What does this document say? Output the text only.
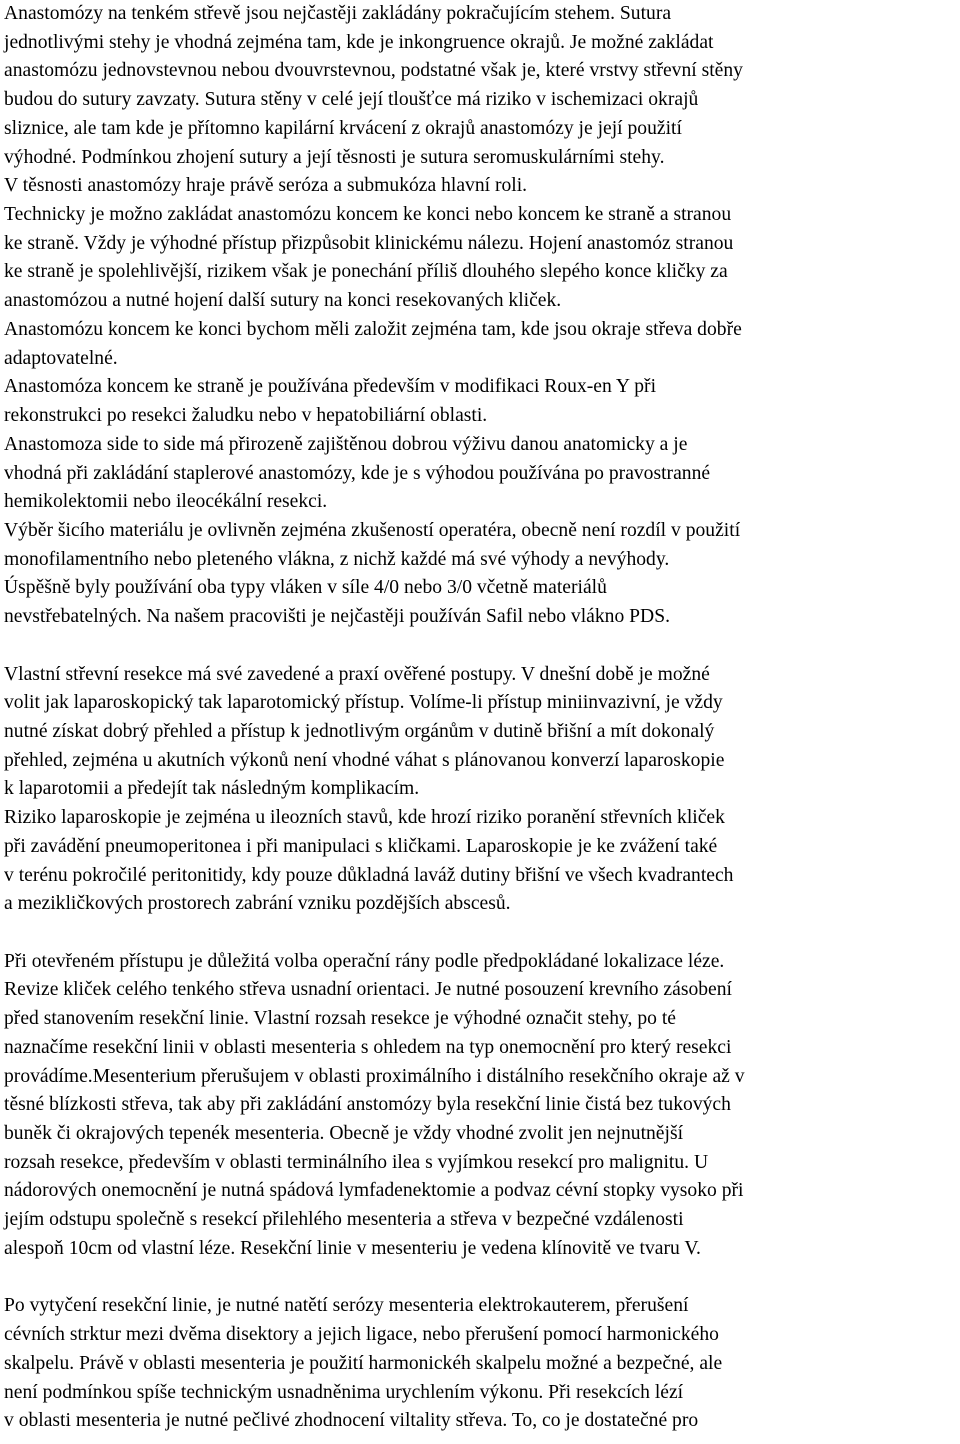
Anastomózy na tenkém střevě jsou nejčastěji zakládány pokračujícím stehem. Sutura
jednotlivými stehy je vhodná zejména tam, kde je inkongruence okrajů. Je možné zakládat
anastomózu jednovstevnou nebou dvouvrstevnou, podstatné však je, které vrstvy střevní stěny
budou do sutury zavzaty. Sutura stěny v celé její tloušťce má riziko v ischemizaci okrajů
sliznice, ale tam kde je přítomno kapilární krvácení z okrajů anastomózy je její použití
výhodné. Podmínkou zhojení sutury a její těsnosti je sutura seromuskulárními stehy.
V těsnosti anastomózy hraje právě seróza a submukóza hlavní roli.
Technicky je možno zakládat anastomózu koncem ke konci nebo koncem ke straně a stranou
ke straně. Vždy je výhodné přístup přizpůsobit klinickému nálezu. Hojení anastomóz stranou
ke straně je spolehlivější, rizikem však je ponechání příliš dlouhého slepého konce kličky za
anastomózou a nutné hojení další sutury na konci resekovaných kliček.
Anastomózu koncem ke konci bychom měli založit zejména tam, kde jsou okraje střeva dobře
adaptovatelné.
Anastomóza koncem ke straně je používána především v modifikaci Roux-en Y při
rekonstrukci po resekci žaludku nebo v hepatobiliární oblasti.
Anastomoza side to side má přirozeně zajištěnou dobrou výživu danou anatomicky a je
vhodná při zakládání staplerové anastomózy, kde je s výhodou používána po pravostranné
hemikolektomii nebo ileocékální resekci.
Výběr šicího materiálu je ovlivněn zejména zkušeností operatéra, obecně není rozdíl v použití
monofilamentního nebo pleteného vlákna, z nichž každé má své výhody a nevýhody.
Úspěšně byly používání oba typy vláken v síle 4/0 nebo 3/0 včetně materiálů
nevstřebatelných. Na našem pracovišti je nejčastěji používán Safil nebo vlákno PDS.
Vlastní střevní resekce má své zavedené a praxí ověřené postupy. V dnešní době je možné
volit jak laparoskopický tak laparotomický přístup. Volíme-li přístup miniinvazivní, je vždy
nutné získat dobrý přehled a přístup k jednotlivým orgánům v dutině břišní a mít dokonalý
přehled, zejména u akutních výkonů není vhodné váhat s plánovanou konverzí laparoskopie
k laparotomii a předejít tak následným komplikacím.
Riziko laparoskopie je zejména u ileozních stavů, kde hrozí riziko poranění střevních kliček
při zavádění pneumoperitonea i při manipulaci s kličkami. Laparoskopie je ke zvážení také
v terénu pokročilé peritonitidy, kdy pouze důkladná laváž dutiny břišní ve všech kvadrantech
a mezikličkových prostorech zabrání vzniku pozdějších abscesů.
Při otevřeném přístupu je důležitá volba operační rány podle předpokládané lokalizace léze.
Revize kliček celého tenkého střeva usnadní orientaci. Je nutné posouzení krevního zásobení
před stanovením resekční linie. Vlastní rozsah resekce je výhodné označit stehy, po té
naznačíme resekční linii v oblasti mesenteria s ohledem na typ onemocnění pro který resekci
provádíme.Mesenterium přerušujem v oblasti proximálního i distálního resekčního okraje až v
těsné blízkosti střeva, tak aby při zakládání anstomózy byla resekční linie čistá bez tukových
buněk či okrajových tepenék mesenteria. Obecně je vždy vhodné zvolit jen nejnutnější
rozsah resekce, především v oblasti terminálního ilea s vyjímkou resekcí pro malignitu. U
nádorových onemocnění je nutná spádová lymfadenektomie a podvaz cévní stopky vysoko při
jejím odstupu společně s resekcí přilehlého mesenteria a střeva v bezpečné vzdálenosti
alespoň 10cm od vlastní léze. Resekční linie v mesenteriu je vedena klínovitě ve tvaru V.
Po vytyčení resekční linie, je nutné natětí serózy mesenteria elektrokauterem, přerušení
cévních strktur mezi dvěma disektory a jejich ligace, nebo přerušení pomocí harmonického
skalpelu. Právě v oblasti mesenteria je použití harmonickéh skalpelu možné a bezpečné, ale
není podmínkou spíše technickým usnadněnima urychlením výkonu. Při resekcích lézí
v oblasti mesenteria je nutné pečlivé zhodnocení viltality střeva. To, co je dostatečné pro
